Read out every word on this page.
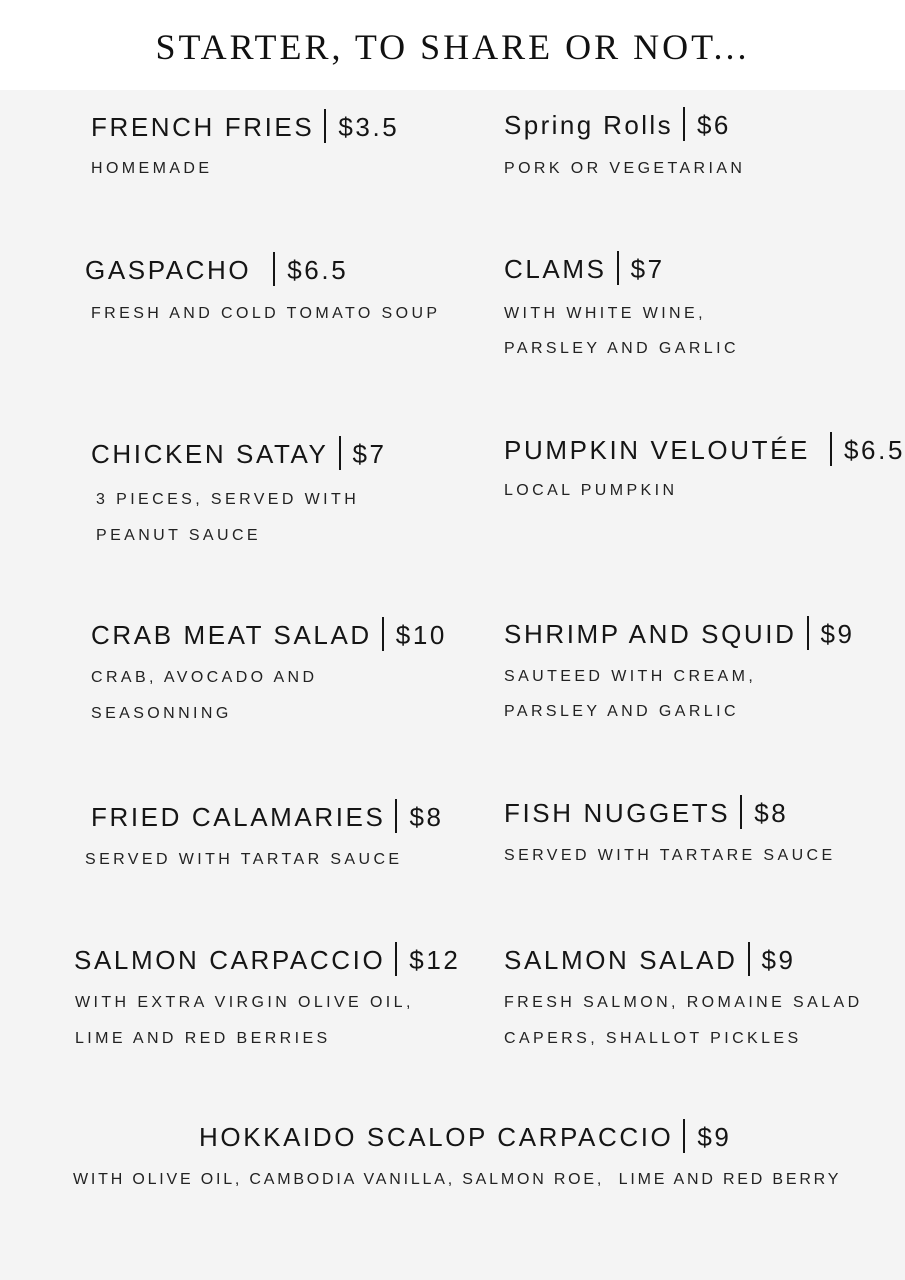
STARTER, TO SHARE OR NOT...
FRENCH FRIES $3.5
HOMEMADE
GASPACHO $6.5
FRESH AND COLD TOMATO SOUP
CHICKEN SATAY $7
3 PIECES, SERVED WITH
PEANUT SAUCE
CRAB MEAT SALAD $10
CRAB, AVOCADO AND
SEASONNING
FRIED CALAMARIES $8
SERVED WITH TARTAR SAUCE
SALMON CARPACCIO $12
WITH EXTRA VIRGIN OLIVE OIL,
LIME AND RED BERRIES
Spring Rolls $6
PORK OR VEGETARIAN
CLAMS $7
WITH WHITE WINE,
PARSLEY AND GARLIC
PUMPKIN VELOUTÉE $6.5
LOCAL PUMPKIN
SHRIMP AND SQUID $9
SAUTEED WITH CREAM,
PARSLEY AND GARLIC
FISH NUGGETS $8
SERVED WITH TARTARE SAUCE
SALMON SALAD $9
FRESH SALMON, ROMAINE SALAD
CAPERS, SHALLOT PICKLES
HOKKAIDO SCALOP CARPACCIO $9
WITH OLIVE OIL, CAMBODIA VANILLA, SALMON ROE,  LIME AND RED BERRY
